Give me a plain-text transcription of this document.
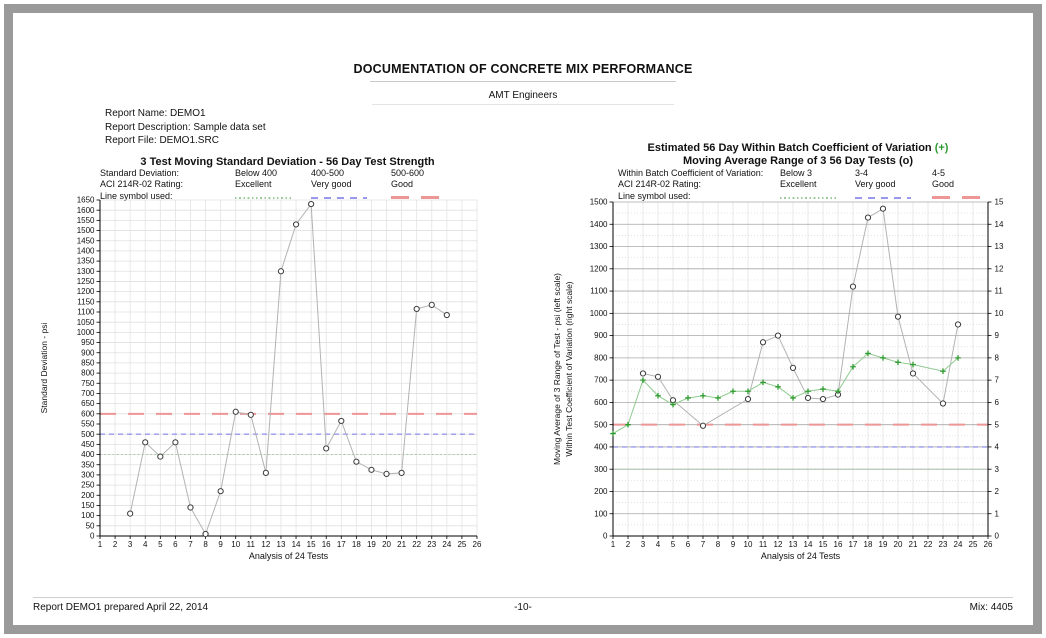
DOCUMENTATION OF CONCRETE MIX PERFORMANCE
AMT Engineers
Report Name: DEMO1
Report Description: Sample data set
Report File: DEMO1.SRC
3 Test Moving Standard Deviation - 56 Day Test Strength
Standard Deviation:	Below 400	400-500	500-600
ACI 214R-02 Rating:	Excellent	Very good	Good
Line symbol used:
0
50
100
150
200
250
300
350
400
450
500
550
600
650
700
750
800
850
900
950
1000
1050
1100
1150
1200
1250
1300
1350
1400
1450
1500
1550
1600
1650
1 2 3 4 5 6 7 8 9 10 11 12 13 14 15 16 17 18 19 20 21 22 23 24 25 26
Analysis of 24 Tests
Standard Deviation - psi
Estimated 56 Day Within Batch Coefficient of Variation (+)
Moving Average Range of 3 56 Day Tests (o)
Within Batch Coefficient of Variation:	Below 3	3-4	4-5
ACI 214R-02 Rating:	Excellent	Very good	Good
Line symbol used:
0
100
200
300
400
500
600
700
800
900
1000
1100
1200
1300
1400
1500
0
1
2
3
4
5
6
7
8
9
10
11
12
13
14
15
1 2 3 4 5 6 7 8 9 10 11 12 13 14 15 16 17 18 19 20 21 22 23 24 25 26
Analysis of 24 Tests
Moving Average of 3 Range of Test - psi (left scale) Within Test Coefficient of Variation (right scale)
Report DEMO1 prepared April 22, 2014	-10-	Mix: 4405
